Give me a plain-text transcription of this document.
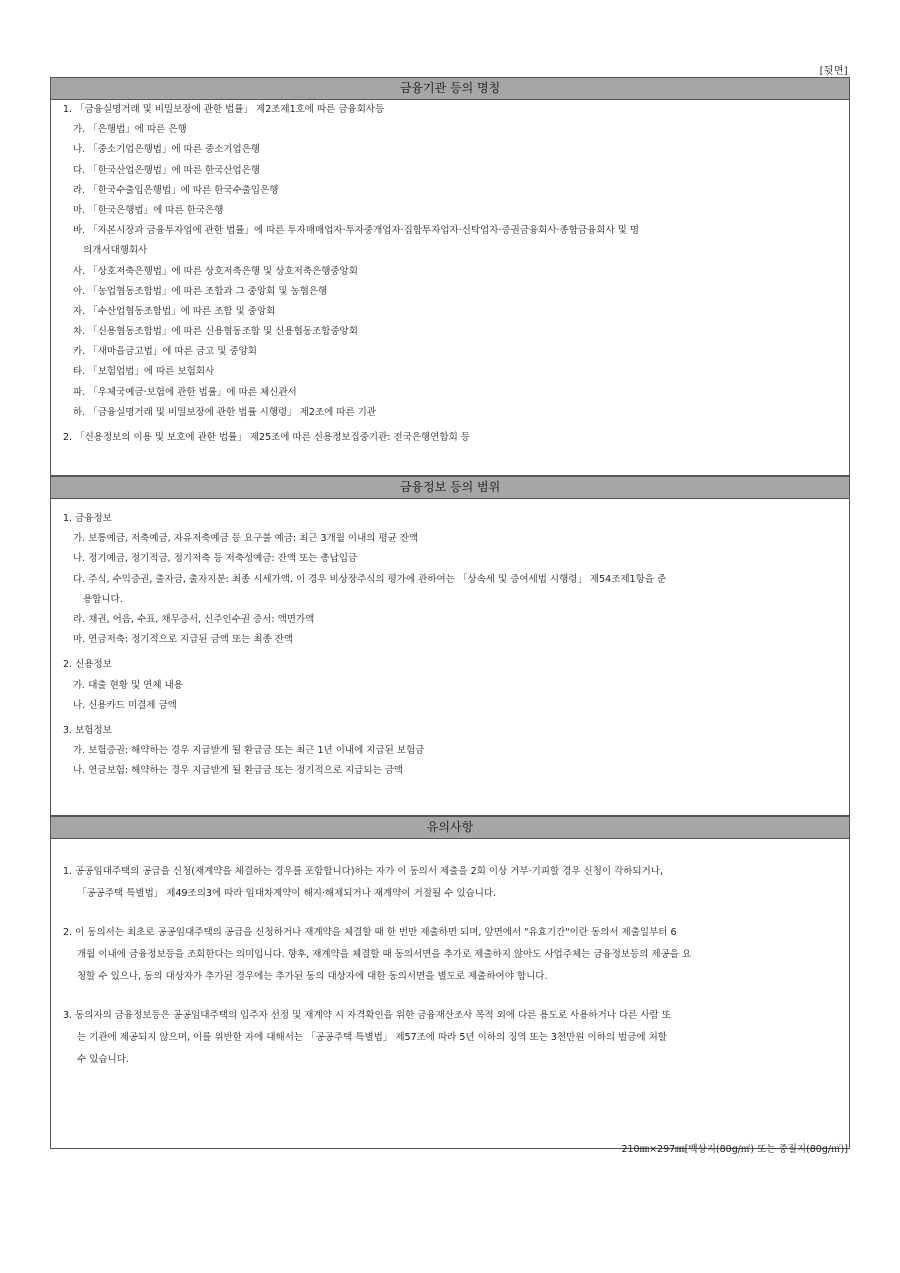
[뒷면]
금융기관 등의 명칭
1. 「금융실명거래 및 비밀보장에 관한 법률」 제2조제1호에 따른 금융회사등
가. 「은행법」에 따른 은행
나. 「중소기업은행법」에 따른 중소기업은행
다. 「한국산업은행법」에 따른 한국산업은행
라. 「한국수출입은행법」에 따른 한국수출입은행
마. 「한국은행법」에 따른 한국은행
바. 「자본시장과 금융투자업에 관한 법률」에 따른 투자매매업자·투자중개업자·집합투자업자·신탁업자·증권금융회사·종합금융회사 및 명
의개서대행회사
사. 「상호저축은행법」에 따른 상호저축은행 및 상호저축은행중앙회
아. 「농업협동조합법」에 따른 조합과 그 중앙회 및 농협은행
자. 「수산업협동조합법」에 따른 조합 및 중앙회
차. 「신용협동조합법」에 따른 신용협동조합 및 신용협동조합중앙회
카. 「새마을금고법」에 따른 금고 및 중앙회
타. 「보험업법」에 따른 보험회사
파. 「우체국예금·보험에 관한 법률」에 따른 체신관서
하. 「금융실명거래 및 비밀보장에 관한 법률 시행령」 제2조에 따른 기관
2. 「신용정보의 이용 및 보호에 관한 법률」 제25조에 따른 신용정보집중기관: 전국은행연합회 등
금융정보 등의 범위
1. 금융정보
가. 보통예금, 저축예금, 자유저축예금 등 요구불 예금: 최근 3개월 이내의 평균 잔액
나. 정기예금, 정기적금, 정기저축 등 저축성예금: 잔액 또는 총납입금
다. 주식, 수익증권, 출자금, 출자지분: 최종 시세가액. 이 경우 비상장주식의 평가에 관하여는 「상속세 및 증여세법 시행령」 제54조제1항을 준
용합니다.
라. 채권, 어음, 수표, 채무증서, 신주인수권 증서: 액면가액
마. 연금저축: 정기적으로 지급된 금액 또는 최종 잔액
2. 신용정보
가. 대출 현황 및 연체 내용
나. 신용카드 미결제 금액
3. 보험정보
가. 보험증권: 해약하는 경우 지급받게 될 환급금 또는 최근 1년 이내에 지급된 보험금
나. 연금보험: 해약하는 경우 지급받게 될 환급금 또는 정기적으로 지급되는 금액
유의사항
1. 공공임대주택의 공급을 신청(재계약을 체결하는 경우를 포함합니다)하는 자가 이 동의서 제출을 2회 이상 거부·기피할 경우 신청이 각하되거나,
「공공주택 특별법」 제49조의3에 따라 임대차계약이 해지·해제되거나 재계약이 거절될 수 있습니다.
2. 이 동의서는 최초로 공공임대주택의 공급을 신청하거나 재계약을 체결할 때 한 번만 제출하면 되며, 앞면에서 "유효기간"이란 동의서 제출일부터 6
개월 이내에 금융정보등을 조회한다는 의미입니다. 향후, 재계약을 체결할 때 동의서면을 추가로 제출하지 않아도 사업주체는 금융정보등의 제공을 요
청할 수 있으나, 동의 대상자가 추가된 경우에는 추가된 동의 대상자에 대한 동의서면을 별도로 제출하여야 합니다.
3. 동의자의 금융정보등은 공공임대주택의 입주자 선정 및 재계약 시 자격확인을 위한 금융재산조사 목적 외에 다른 용도로 사용하거나 다른 사람 또
는 기관에 제공되지 않으며, 이를 위반한 자에 대해서는 「공공주택 특별법」 제57조에 따라 5년 이하의 징역 또는 3천만원 이하의 벌금에 처할
수 있습니다.
210㎜×297㎜[백상지(80g/㎡) 또는 중질지(80g/㎡)]
